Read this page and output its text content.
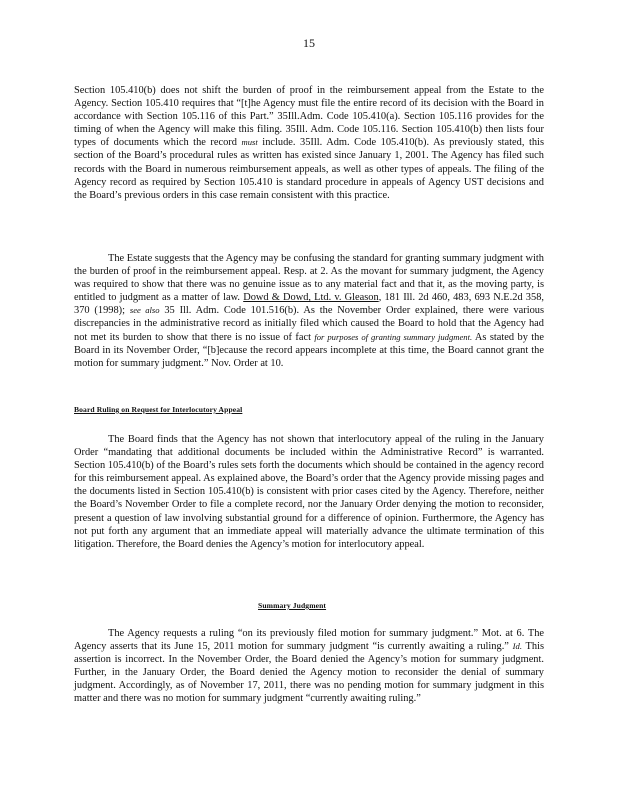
15

Section 105.410(b) does not shift the burden of proof in the reimbursement appeal from the Estate to the Agency. Section 105.410 requires that “[t]he Agency must file the entire record of its decision with the Board in accordance with Section 105.116 of this Part.” 35Ill.Adm. Code 105.410(a). Section 105.116 provides for the timing of when the Agency will make this filing. 35Ill. Adm. Code 105.116. Section 105.410(b) then lists four types of documents which the record must include. 35Ill. Adm. Code 105.410(b). As previously stated, this section of the Board’s procedural rules as written has existed since January 1, 2001. The Agency has filed such records with the Board in numerous reimbursement appeals, as well as other types of appeals. The filing of the Agency record as required by Section 105.410 is standard procedure in appeals of Agency UST decisions and the Board’s previous orders in this case remain consistent with this practice.

The Estate suggests that the Agency may be confusing the standard for granting summary judgment with the burden of proof in the reimbursement appeal. Resp. at 2. As the movant for summary judgment, the Agency was required to show that there was no genuine issue as to any material fact and that it, as the moving party, is entitled to judgment as a matter of law. Dowd & Dowd, Ltd. v. Gleason, 181 Ill. 2d 460, 483, 693 N.E.2d 358, 370 (1998); see also 35 Ill. Adm. Code 101.516(b). As the November Order explained, there were various discrepancies in the administrative record as initially filed which caused the Board to hold that the Agency had not met its burden to show that there is no issue of fact for purposes of granting summary judgment. As stated by the Board in its November Order, “[b]ecause the record appears incomplete at this time, the Board cannot grant the motion for summary judgment.” Nov. Order at 10.

Board Ruling on Request for Interlocutory Appeal

The Board finds that the Agency has not shown that interlocutory appeal of the ruling in the January Order “mandating that additional documents be included within the Administrative Record” is warranted. Section 105.410(b) of the Board’s rules sets forth the documents which should be contained in the agency record for this reimbursement appeal. As explained above, the Board’s order that the Agency provide missing pages and the documents listed in Section 105.410(b) is consistent with prior cases cited by the Agency. Therefore, neither the Board’s November Order to file a complete record, nor the January Order denying the motion to reconsider, present a question of law involving substantial ground for a difference of opinion. Furthermore, the Agency has not put forth any argument that an immediate appeal will materially advance the ultimate termination of this litigation. Therefore, the Board denies the Agency’s motion for interlocutory appeal.

Summary Judgment

The Agency requests a ruling “on its previously filed motion for summary judgment.” Mot. at 6. The Agency asserts that its June 15, 2011 motion for summary judgment “is currently awaiting a ruling.” Id. This assertion is incorrect. In the November Order, the Board denied the Agency’s motion for summary judgment. Further, in the January Order, the Board denied the Agency motion to reconsider the denial of summary judgment. Accordingly, as of November 17, 2011, there was no pending motion for summary judgment in this matter and there was no motion for summary judgment “currently awaiting ruling.”
